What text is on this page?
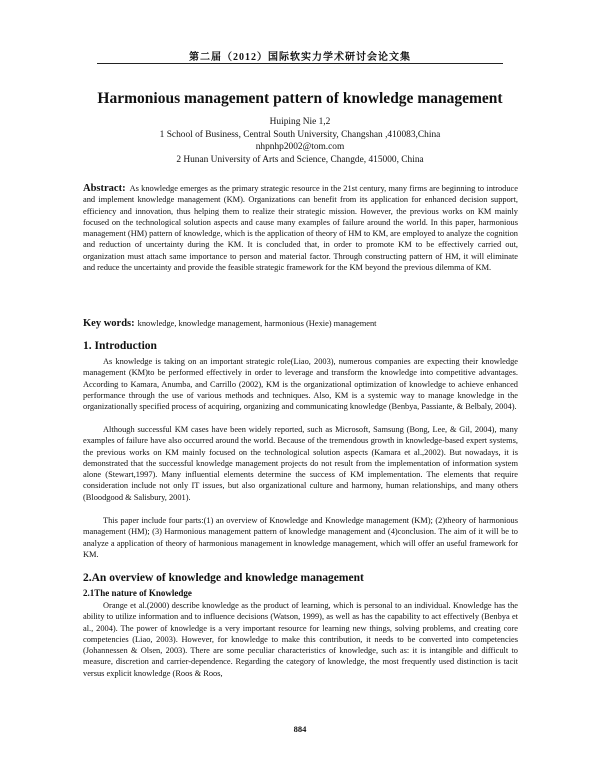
第二届（2012）国际软实力学术研讨会论文集
Harmonious management pattern of knowledge management
Huiping Nie 1,2
1 School of Business, Central South University, Changshan ,410083,China
nhpnhp2002@tom.com
2 Hunan University of Arts and Science, Changde, 415000, China
Abstract: As knowledge emerges as the primary strategic resource in the 21st century, many firms are beginning to introduce and implement knowledge management (KM). Organizations can benefit from its application for enhanced decision support, efficiency and innovation, thus helping them to realize their strategic mission. However, the previous works on KM mainly focused on the technological solution aspects and cause many examples of failure around the world. In this paper, harmonious management (HM) pattern of knowledge, which is the application of theory of HM to KM, are employed to analyze the cognition and reduction of uncertainty during the KM. It is concluded that, in order to promote KM to be effectively carried out, organization must attach same importance to person and material factor. Through constructing pattern of HM, it will eliminate and reduce the uncertainty and provide the feasible strategic framework for the KM beyond the previous dilemma of KM.
Key words: knowledge, knowledge management, harmonious (Hexie) management
1. Introduction

As knowledge is taking on an important strategic role(Liao, 2003), numerous companies are expecting their knowledge management (KM)to be performed effectively in order to leverage and transform the knowledge into competitive advantages. According to Kamara, Anumba, and Carrillo (2002), KM is the organizational optimization of knowledge to achieve enhanced performance through the use of various methods and techniques. Also, KM is a systemic way to manage knowledge in the organizationally specified process of acquiring, organizing and communicating knowledge (Benbya, Passiante, & Belbaly, 2004).

Although successful KM cases have been widely reported, such as Microsoft, Samsung (Bong, Lee, & Gil, 2004), many examples of failure have also occurred around the world. Because of the tremendous growth in knowledge-based expert systems, the previous works on KM mainly focused on the technological solution aspects (Kamara et al.,2002). But nowadays, it is demonstrated that the successful knowledge management projects do not result from the implementation of information system alone (Stewart,1997). Many influential elements determine the success of KM implementation. The elements that require consideration include not only IT issues, but also organizational culture and harmony, human relationships, and many others (Bloodgood & Salisbury, 2001).

This paper include four parts:(1) an overview of Knowledge and Knowledge management (KM); (2)theory of harmonious management (HM); (3) Harmonious management pattern of knowledge management and (4)conclusion. The aim of it will be to analyze a application of theory of harmonious management in knowledge management, which will offer an useful framework for KM.

2.An overview of knowledge and knowledge management
2.1The nature of Knowledge

Orange et al.(2000) describe knowledge as the product of learning, which is personal to an individual. Knowledge has the ability to utilize information and to influence decisions (Watson, 1999), as well as has the capability to act effectively (Benbya et al., 2004). The power of knowledge is a very important resource for learning new things, solving problems, and creating core competencies (Liao, 2003). However, for knowledge to make this contribution, it needs to be converted into competencies (Johannessen & Olsen, 2003). There are some peculiar characteristics of knowledge, such as: it is intangible and difficult to measure, discretion and carrier-dependence. Regarding the category of knowledge, the most frequently used distinction is tacit versus explicit knowledge (Roos & Roos,

884
